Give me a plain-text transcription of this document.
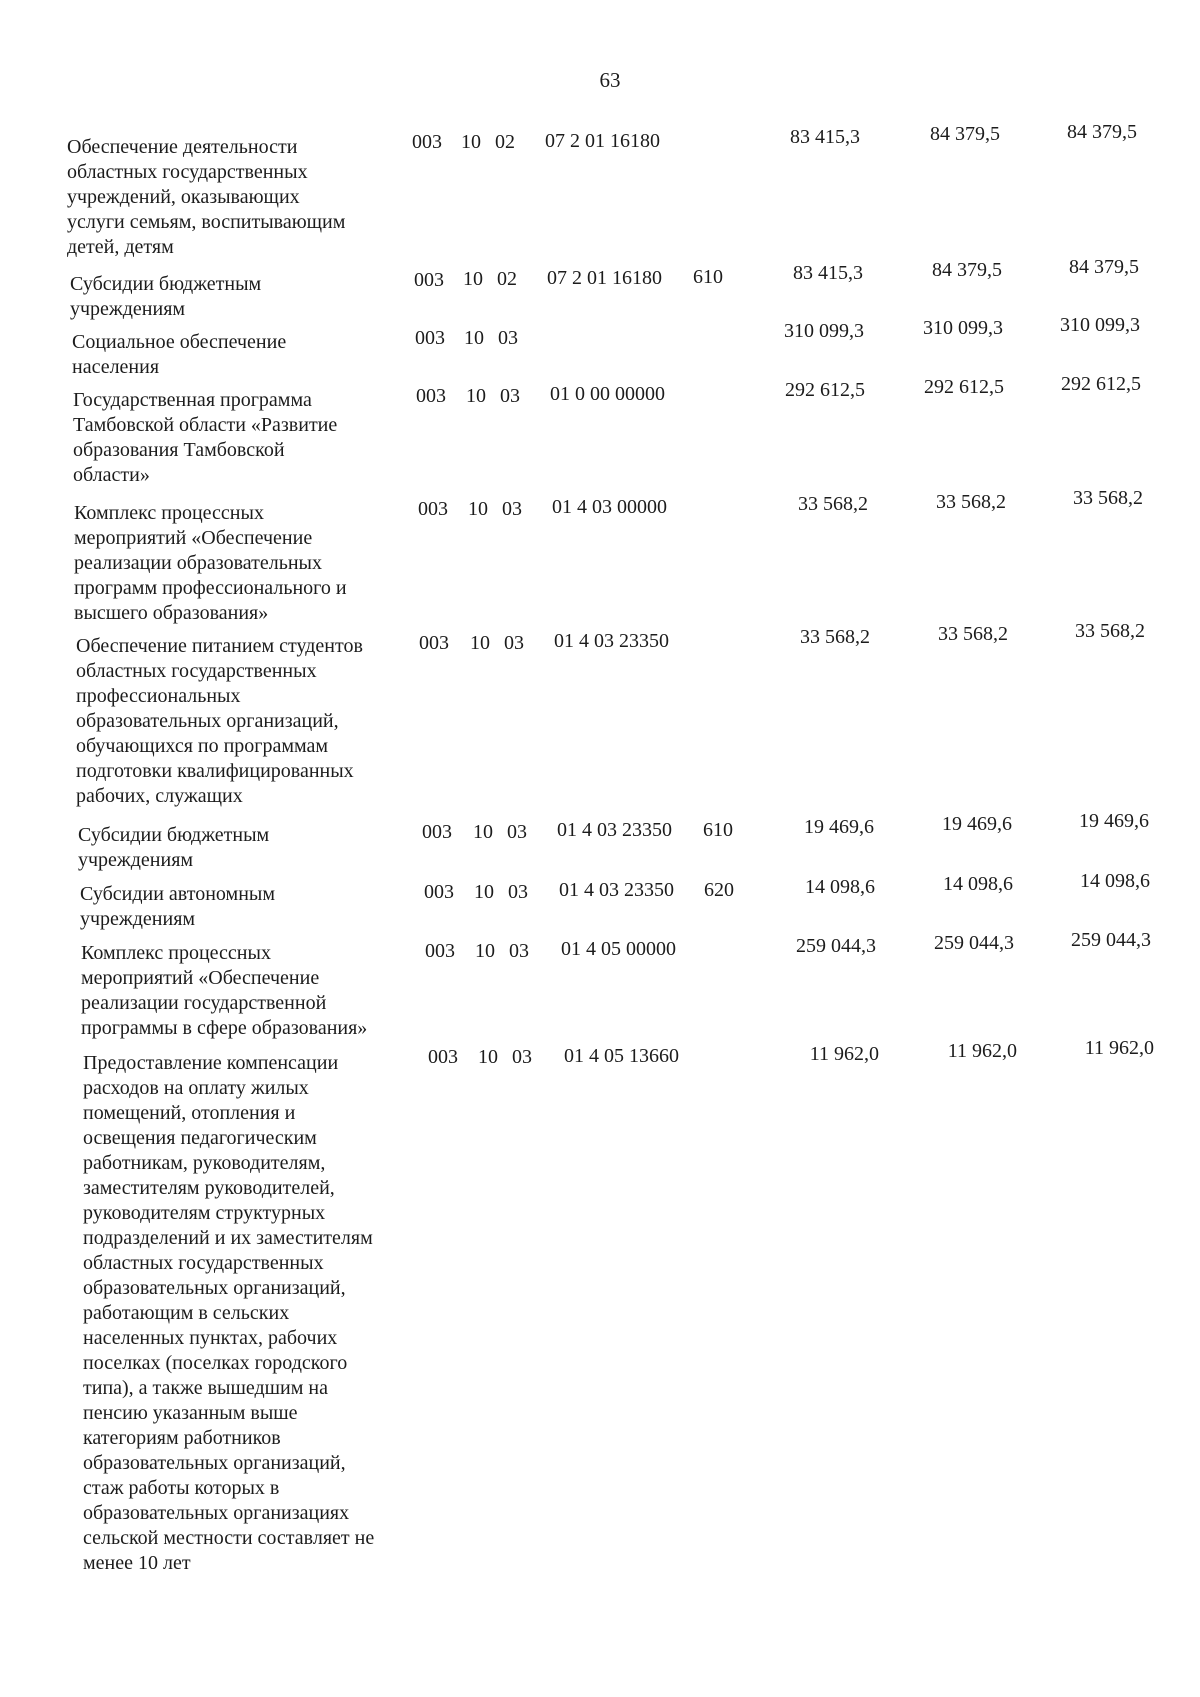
63
Обеспечение деятельности
областных государственных
учреждений, оказывающих
услуги семьям, воспитывающим
детей, детям
003 10 02 07 2 01 16180	83 415,3	84 379,5	84 379,5
Субсидии бюджетным
учреждениям
003 10 02 07 2 01 16180 610	83 415,3	84 379,5	84 379,5
Социальное обеспечение
населения
003 10 03	310 099,3	310 099,3	310 099,3
Государственная программа
Тамбовской области «Развитие
образования Тамбовской
области»
003 10 03 01 0 00 00000	292 612,5	292 612,5	292 612,5
Комплекс процессных
мероприятий «Обеспечение
реализации образовательных
программ профессионального и
высшего образования»
003 10 03 01 4 03 00000	33 568,2	33 568,2	33 568,2
Обеспечение питанием студентов
областных государственных
профессиональных
образовательных организаций,
обучающихся по программам
подготовки квалифицированных
рабочих, служащих
003 10 03 01 4 03 23350	33 568,2	33 568,2	33 568,2
Субсидии бюджетным
учреждениям
003 10 03 01 4 03 23350 610	19 469,6	19 469,6	19 469,6
Субсидии автономным
учреждениям
003 10 03 01 4 03 23350 620	14 098,6	14 098,6	14 098,6
Комплекс процессных
мероприятий «Обеспечение
реализации государственной
программы в сфере образования»
003 10 03 01 4 05 00000	259 044,3	259 044,3	259 044,3
Предоставление компенсации
расходов на оплату жилых
помещений, отопления и
освещения педагогическим
работникам, руководителям,
заместителям руководителей,
руководителям структурных
подразделений и их заместителям
областных государственных
образовательных организаций,
работающим в сельских
населенных пунктах, рабочих
поселках (поселках городского
типа), а также вышедшим на
пенсию указанным выше
категориям работников
образовательных организаций,
стаж работы которых в
образовательных организациях
сельской местности составляет не
менее 10 лет
003 10 03 01 4 05 13660	11 962,0	11 962,0	11 962,0
